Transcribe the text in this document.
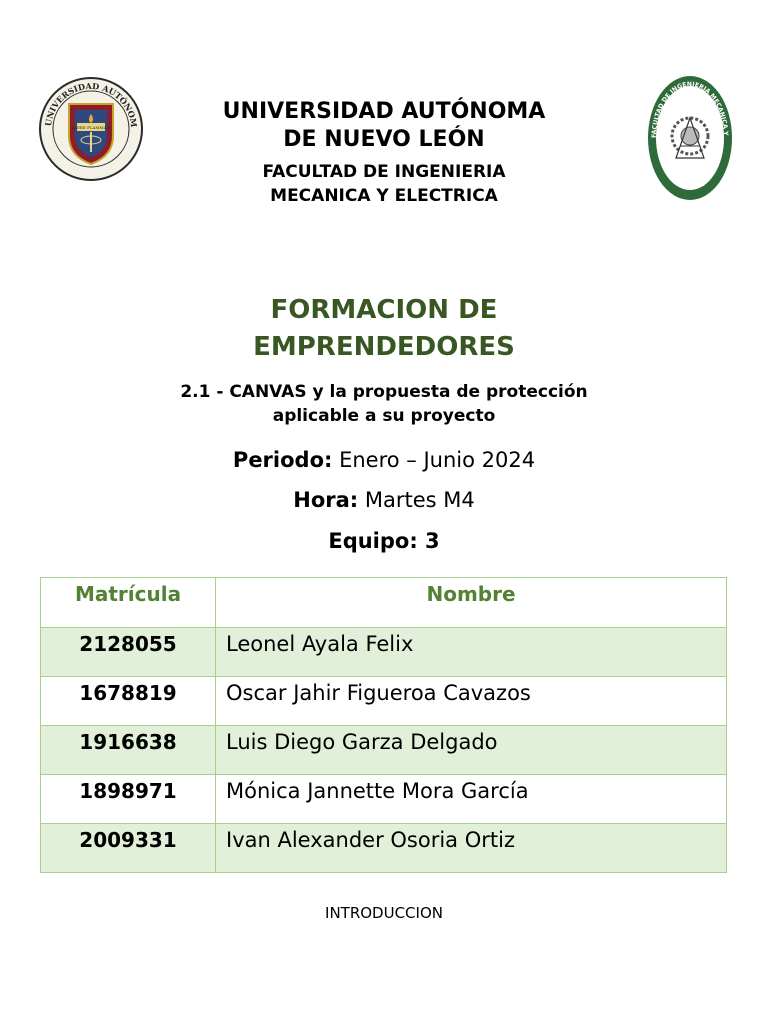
UNIVERSIDAD AUTÓNOM
ALERE FLAMMAM
FACULTAD DE INGENIERIA MECANICA Y
U A N L
UNIVERSIDAD AUTÓNOMA
DE NUEVO LEÓN
FACULTAD DE INGENIERIA
MECANICA Y ELECTRICA
FORMACION DE
EMPRENDEDORES
2.1 - CANVAS y la propuesta de protección
aplicable a su proyecto
Periodo: Enero – Junio 2024
Hora: Martes M4
Equipo: 3
Matrícula	Nombre
2128055	Leonel Ayala Felix
1678819	Oscar Jahir Figueroa Cavazos
1916638	Luis Diego Garza Delgado
1898971	Mónica Jannette Mora García
2009331	Ivan Alexander Osoria Ortiz
INTRODUCCION
